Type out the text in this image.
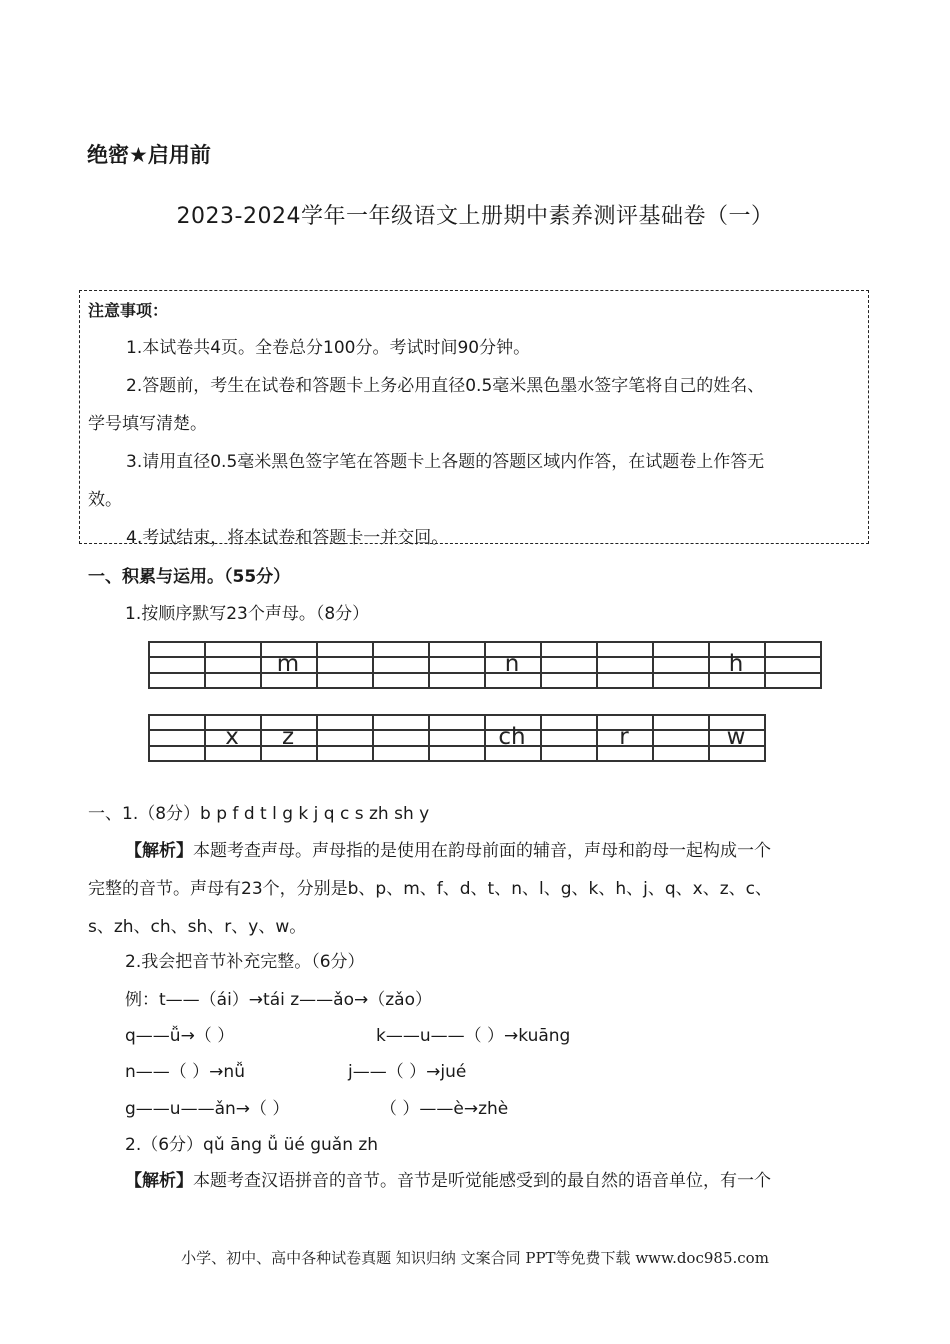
绝密★启用前
2023-2024学年一年级语文上册期中素养测评基础卷（一）
注意事项：
1.本试卷共4页。全卷总分100分。考试时间90分钟。
2.答题前，考生在试卷和答题卡上务必用直径0.5毫米黑色墨水签字笔将自己的姓名、
学号填写清楚。
3.请用直径0.5毫米黑色签字笔在答题卡上各题的答题区域内作答，在试题卷上作答无
效。
4.考试结束，将本试卷和答题卡一并交回。
一、积累与运用。（55分）
1.按顺序默写23个声母。（8分）
m	n	h
x	z	ch	r	w
一、1.（8分）b p f d t l g k j q c s zh sh y
【解析】本题考查声母。声母指的是使用在韵母前面的辅音，声母和韵母一起构成一个
完整的音节。声母有23个，分别是b、p、m、f、d、t、n、l、g、k、h、j、q、x、z、c、
s、zh、ch、sh、r、y、w。
2.我会把音节补充完整。（6分）
例：t——（ái）→tái z——ǎo→（zǎo）
q——ǚ→（ ）	k——u——（ ）→kuāng
n——（ ）→nǚ	j——（ ）→jué
g——u——ǎn→（ ）	（ ）——è→zhè
2.（6分）qǔ āng ǚ üé guǎn zh
【解析】本题考查汉语拼音的音节。音节是听觉能感受到的最自然的语音单位，有一个
小学、初中、高中各种试卷真题 知识归纳 文案合同 PPT等免费下载 www.doc985.com
